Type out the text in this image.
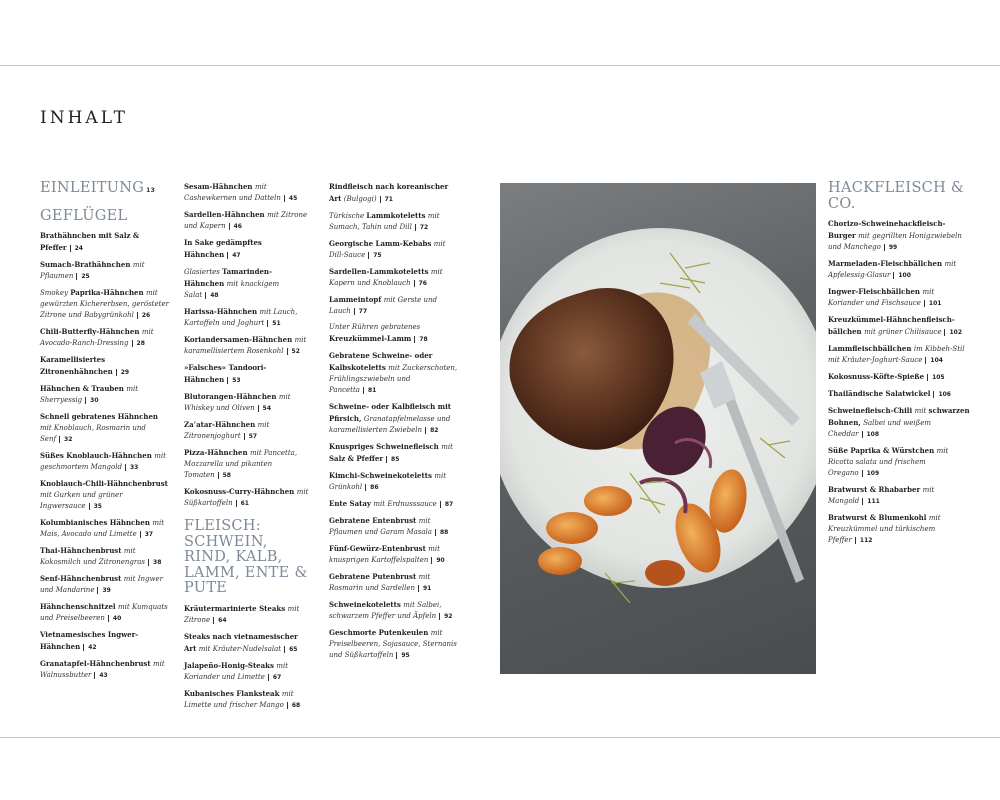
INHALT
EINLEITUNG 13
GEFLÜGEL
Brathähnchen mit Salz & Pfeffer 24
Sumach-Brathähnchen mit Pflaumen 25
Smokey Paprika-Hähnchen mit gewürzten Kichererbsen, gerösteter Zitrone und Babygrünkohl 26
Chili-Butterfly-Hähnchen mit Avocado-Ranch-Dressing 28
Karamellisiertes Zitronenhähnchen 29
Hähnchen & Trauben mit Sherryessig 30
Schnell gebratenes Hähnchen mit Knoblauch, Rosmarin und Senf 32
Süßes Knoblauch-Hähnchen mit geschmortem Mangold 33
Knoblauch-Chili-Hähnchenbrust mit Gurken und grüner Ingwersauce 35
Kolumbianisches Hähnchen mit Mais, Avocado und Limette 37
Thai-Hähnchenbrust mit Kokosmilch und Zitronengras 38
Senf-Hähnchenbrust mit Ingwer und Mandarine 39
Hähnchenschnitzel mit Kumquats und Preiselbeeren 40
Vietnamesisches Ingwer-Hähnchen 42
Granatapfel-Hähnchenbrust mit Walnussbutter 43
Sesam-Hähnchen mit Cashewkernen und Datteln 45
Sardellen-Hähnchen mit Zitrone und Kapern 46
In Sake gedämpftes Hähnchen 47
Glasiertes Tamarinden-Hähnchen mit knackigem Salat 48
Harissa-Hähnchen mit Lauch, Kartoffeln und Joghurt 51
Koriandersamen-Hähnchen mit karamellisiertem Rosenkohl 52
»Falsches« Tandoori-Hähnchen 53
Blutorangen-Hähnchen mit Whiskey und Oliven 54
Za’atar-Hähnchen mit Zitronenjoghurt 57
Pizza-Hähnchen mit Pancetta, Mozzarella und pikanten Tomaten 58
Kokosnuss-Curry-Hähnchen mit Süßkartoffeln 61
FLEISCH: SCHWEIN, RIND, KALB, LAMM, ENTE & PUTE
Kräutermarinierte Steaks mit Zitrone 64
Steaks nach vietnamesischer Art mit Kräuter-Nudelsalat 65
Jalapeño-Honig-Steaks mit Koriander und Limette 67
Kubanisches Flanksteak mit Limette und frischer Mango 68
Rindfleisch nach koreanischer Art (Bulgogi) 71
Türkische Lammkoteletts mit Sumach, Tahin und Dill 72
Georgische Lamm-Kebabs mit Dill-Sauce 75
Sardellen-Lammkoteletts mit Kapern und Knoblauch 76
Lammeintopf mit Gerste und Lauch 77
Unter Rühren gebratenes Kreuzkümmel-Lamm 78
Gebratene Schweine- oder Kalbskoteletts mit Zuckerschoten, Frühlingszwiebeln und Pancetta 81
Schweine- oder Kalbfleisch mit Pfirsich, Granatapfelmelasse und karamellisierten Zwiebeln 82
Knuspriges Schweinefleisch mit Salz & Pfeffer 85
Kimchi-Schweinekoteletts mit Grünkohl 86
Ente Satay mit Erdnusssauce 87
Gebratene Entenbrust mit Pflaumen und Garam Masala 88
Fünf-Gewürz-Entenbrust mit knusprigen Kartoffelspalten 90
Gebratene Putenbrust mit Rosmarin und Sardellen 91
Schweinekoteletts mit Salbei, schwarzem Pfeffer und Äpfeln 92
Geschmorte Putenkeulen mit Preiselbeeren, Sojasauce, Sternanis und Süßkartoffeln 95
HACKFLEISCH & CO.
Chorizo-Schweinehackfleisch-Burger mit gegrillten Honigzwiebeln und Manchego 99
Marmeladen-Fleischbällchen mit Apfelessig-Glasur 100
Ingwer-Fleischbällchen mit Koriander und Fischsauce 101
Kreuzkümmel-Hähnchenfleisch-bällchen mit grüner Chilisauce 102
Lammfleischbällchen im Kibbeh-Stil mit Kräuter-Joghurt-Sauce 104
Kokosnuss-Köfte-Spieße 105
Thailändische Salatwickel 106
Schweinefleisch-Chili mit schwarzen Bohnen, Salbei und weißem Cheddar 108
Süße Paprika & Würstchen mit Ricotta salata und frischem Oregano 109
Bratwurst & Rhabarber mit Mangold 111
Bratwurst & Blumenkohl mit Kreuzkümmel und türkischem Pfeffer 112
